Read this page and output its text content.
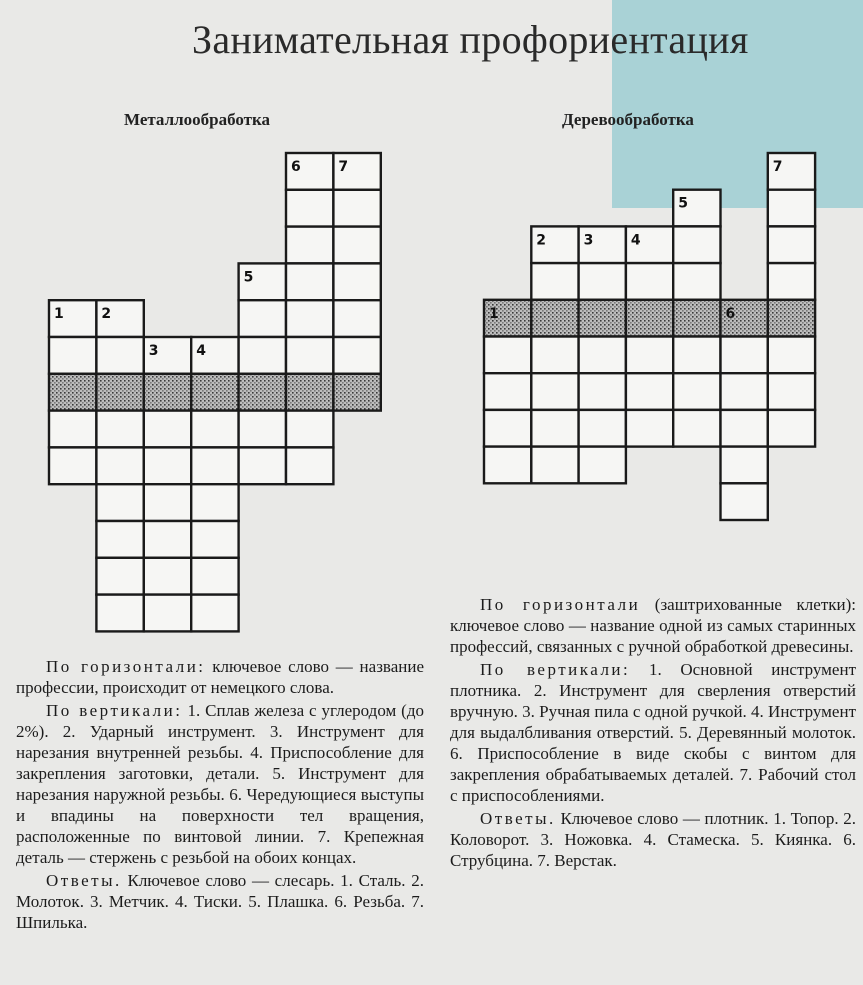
Занимательная профориентация
Металлообработка	Деревообработка
1	2
3	4
5
6	7
1
2	3	4
5
6
7

По горизонтали: ключевое слово — название профессии, происходит от немецкого слова.

По вертикали: 1. Сплав железа с углеродом (до 2%). 2. Ударный инструмент. 3. Инструмент для нарезания внутренней резьбы. 4. Приспособление для закрепления заготовки, детали. 5. Инструмент для нарезания наружной резьбы. 6. Чередующиеся выступы и впадины на поверхности тел вращения, расположенные по винтовой линии. 7. Крепежная деталь — стержень с резьбой на обоих концах.

Ответы. Ключевое слово — слесарь. 1. Сталь. 2. Молоток. 3. Метчик. 4. Тиски. 5. Плашка. 6. Резьба. 7. Шпилька.

По горизонтали (заштрихованные клетки): ключевое слово — название одной из самых старинных профессий, связанных с ручной обработкой древесины.

По вертикали: 1. Основной инструмент плотника. 2. Инструмент для сверления отверстий вручную. 3. Ручная пила с одной ручкой. 4. Инструмент для выдалбливания отверстий. 5. Деревянный молоток. 6. Приспособление в виде скобы с винтом для закрепления обрабатываемых деталей. 7. Рабочий стол с приспособлениями.

Ответы. Ключевое слово — плотник. 1. Топор. 2. Коловорот. 3. Ножовка. 4. Стамеска. 5. Киянка. 6. Струбцина. 7. Верстак.
